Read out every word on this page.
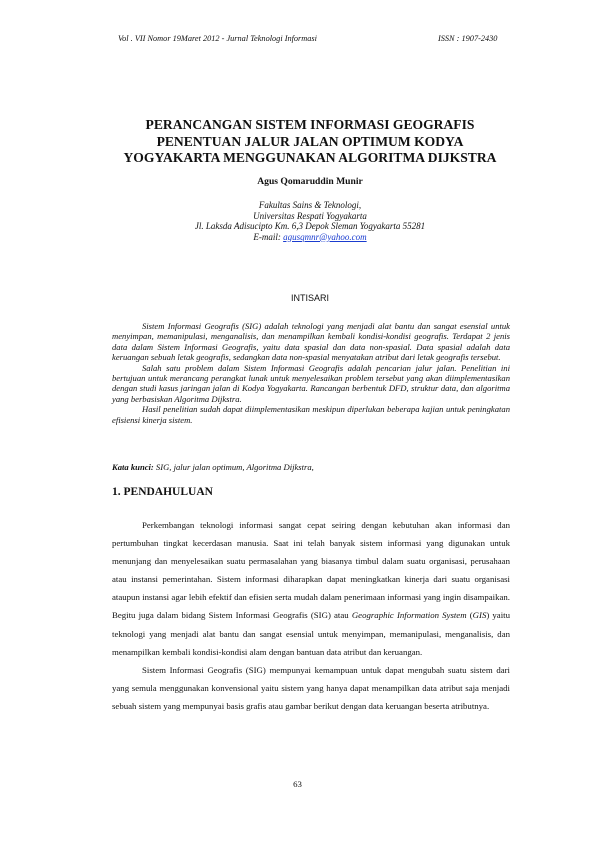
Vol . VII Nomor 19Maret 2012 - Jurnal Teknologi Informasi	ISSN : 1907-2430
PERANCANGAN SISTEM INFORMASI GEOGRAFIS
PENENTUAN JALUR JALAN OPTIMUM KODYA
YOGYAKARTA MENGGUNAKAN ALGORITMA DIJKSTRA
Agus Qomaruddin Munir
Fakultas Sains & Teknologi,
Universitas Respati Yogyakarta
Jl. Laksda Adisucipto Km. 6,3 Depok Sleman Yogyakarta 55281
E-mail: agusqmnr@yahoo.com
INTISARI

Sistem Informasi Geografis (SIG) adalah teknologi yang menjadi alat bantu dan sangat esensial untuk menyimpan, memanipulasi, menganalisis, dan menampilkan kembali kondisi-kondisi geografis. Terdapat 2 jenis data dalam Sistem Informasi Geografis, yaitu data spasial dan data non-spasial. Data spasial adalah data keruangan sebuah letak geografis, sedangkan data non-spasial menyatakan atribut dari letak geografis tersebut.

Salah satu problem dalam Sistem Informasi Geografis adalah pencarian jalur jalan. Penelitian ini bertujuan untuk merancang perangkat lunak untuk menyelesaikan problem tersebut yang akan diimplementasikan dengan studi kasus jaringan jalan di Kodya Yogyakarta. Rancangan berbentuk DFD, struktur data, dan algoritma yang berbasiskan Algoritma Dijkstra.

Hasil penelitian sudah dapat diimplementasikan meskipun diperlukan beberapa kajian untuk peningkatan efisiensi kinerja sistem.

Kata kunci: SIG, jalur jalan optimum, Algoritma Dijkstra,
1. PENDAHULUAN

Perkembangan teknologi informasi sangat cepat seiring dengan kebutuhan akan informasi dan pertumbuhan tingkat kecerdasan manusia. Saat ini telah banyak sistem informasi yang digunakan untuk menunjang dan menyelesaikan suatu permasalahan yang biasanya timbul dalam suatu organisasi, perusahaan atau instansi pemerintahan. Sistem informasi diharapkan dapat meningkatkan kinerja dari suatu organisasi ataupun instansi agar lebih efektif dan efisien serta mudah dalam penerimaan informasi yang ingin disampaikan. Begitu juga dalam bidang Sistem Informasi Geografis (SIG) atau Geographic Information System (GIS) yaitu teknologi yang menjadi alat bantu dan sangat esensial untuk menyimpan, memanipulasi, menganalisis, dan menampilkan kembali kondisi-kondisi alam dengan bantuan data atribut dan keruangan.

Sistem Informasi Geografis (SIG) mempunyai kemampuan untuk dapat mengubah suatu sistem dari yang semula menggunakan konvensional yaitu sistem yang hanya dapat menampilkan data atribut saja menjadi sebuah sistem yang mempunyai basis grafis atau gambar berikut dengan data keruangan beserta atributnya.

63
